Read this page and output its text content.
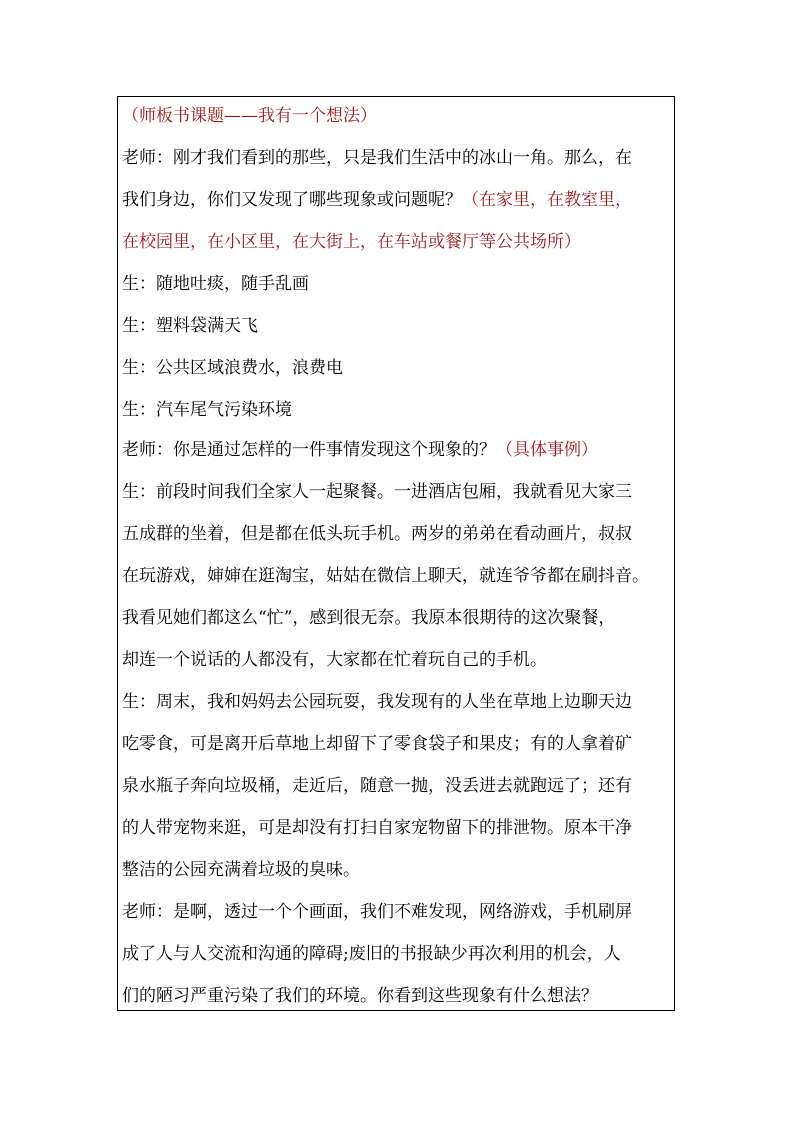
（师板书课题——我有一个想法）
老师：刚才我们看到的那些，只是我们生活中的冰山一角。那么，在
我们身边，你们又发现了哪些现象或问题呢？（在家里，在教室里，
在校园里，在小区里，在大街上，在车站或餐厅等公共场所）
生：随地吐痰，随手乱画
生：塑料袋满天飞
生：公共区域浪费水，浪费电
生：汽车尾气污染环境
老师：你是通过怎样的一件事情发现这个现象的？（具体事例）
生：前段时间我们全家人一起聚餐。一进酒店包厢，我就看见大家三
五成群的坐着，但是都在低头玩手机。两岁的弟弟在看动画片，叔叔
在玩游戏，婶婶在逛淘宝，姑姑在微信上聊天，就连爷爷都在刷抖音。
我看见她们都这么“忙”，感到很无奈。我原本很期待的这次聚餐，
却连一个说话的人都没有，大家都在忙着玩自己的手机。
生：周末，我和妈妈去公园玩耍，我发现有的人坐在草地上边聊天边
吃零食，可是离开后草地上却留下了零食袋子和果皮；有的人拿着矿
泉水瓶子奔向垃圾桶，走近后，随意一抛，没丢进去就跑远了；还有
的人带宠物来逛，可是却没有打扫自家宠物留下的排泄物。原本干净
整洁的公园充满着垃圾的臭味。
老师：是啊，透过一个个画面，我们不难发现，网络游戏，手机刷屏
成了人与人交流和沟通的障碍;废旧的书报缺少再次利用的机会，人
们的陋习严重污染了我们的环境。你看到这些现象有什么想法？
